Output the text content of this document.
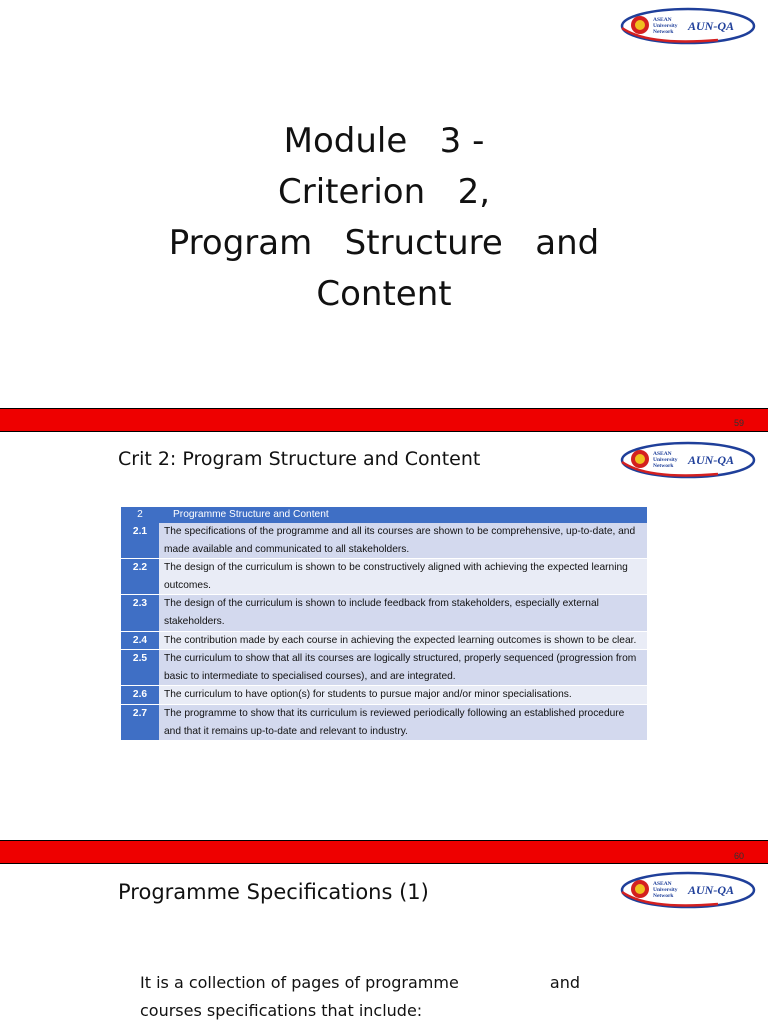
ASEAN
University
Network AUN-QA
Module   3 -
Criterion   2,
Program   Structure   and
Content
59
Crit 2: Program Structure and Content	ASEAN
University
Network AUN-QA
2	Programme Structure and Content
2.1	The specifications of the programme and all its courses are shown to be comprehensive, up-to-date, and made available and communicated to all stakeholders.
2.2	The design of the curriculum is shown to be constructively aligned with achieving the expected learning outcomes.
2.3	The design of the curriculum is shown to include feedback from stakeholders, especially external stakeholders.
2.4	The contribution made by each course in achieving the expected learning outcomes is shown to be clear.
2.5	The curriculum to show that all its courses are logically structured, properly sequenced (progression from basic to intermediate to specialised courses), and are integrated.
2.6	The curriculum to have option(s) for students to pursue major and/or minor specialisations.
2.7	The programme to show that its curriculum is reviewed periodically following an established procedure and that it remains up-to-date and relevant to industry.
60
Programme Specifications (1)	ASEAN
University
Network AUN-QA
It is a collection of pages of programme	and
courses specifications that include:
